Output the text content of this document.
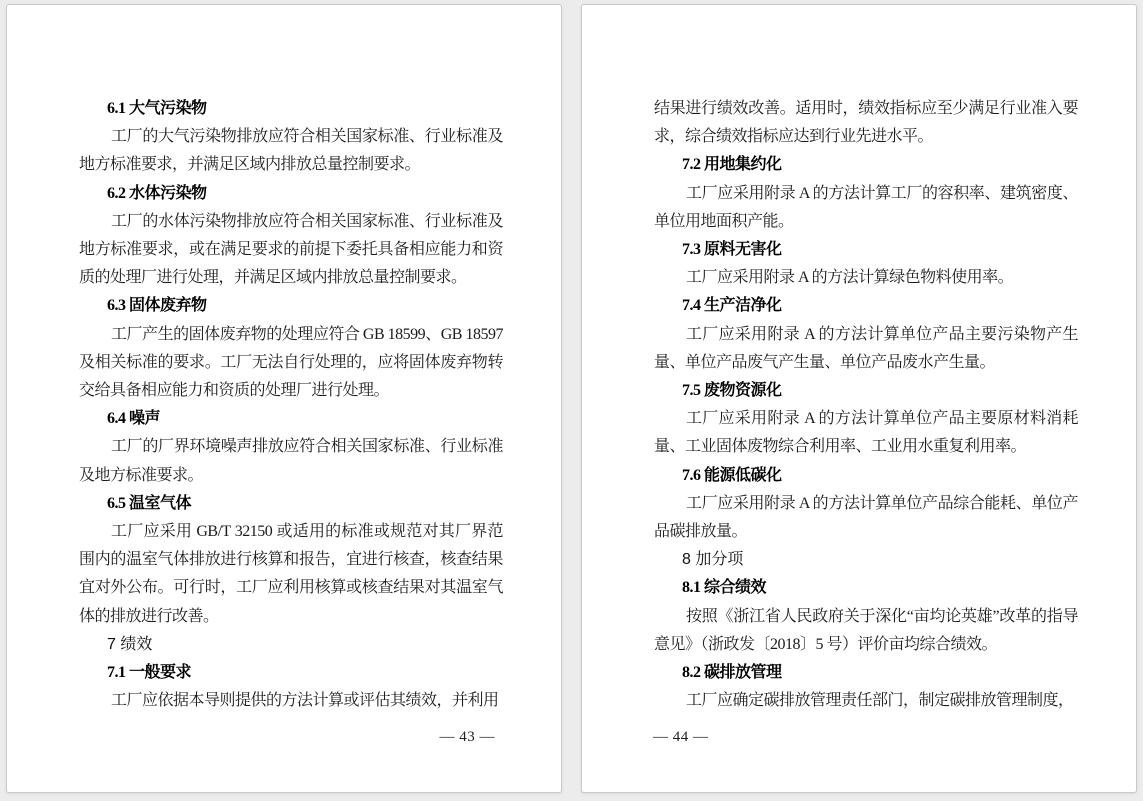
6.1 大气污染物
工厂的大气污染物排放应符合相关国家标准、行业标准及地方标准要求，并满足区域内排放总量控制要求。
6.2 水体污染物
工厂的水体污染物排放应符合相关国家标准、行业标准及地方标准要求，或在满足要求的前提下委托具备相应能力和资质的处理厂进行处理，并满足区域内排放总量控制要求。
6.3 固体废弃物
工厂产生的固体废弃物的处理应符合 GB 18599、GB 18597 及相关标准的要求。工厂无法自行处理的，应将固体废弃物转交给具备相应能力和资质的处理厂进行处理。
6.4 噪声
工厂的厂界环境噪声排放应符合相关国家标准、行业标准及地方标准要求。
6.5 温室气体
工厂应采用 GB/T 32150 或适用的标准或规范对其厂界范围内的温室气体排放进行核算和报告，宜进行核查，核查结果宜对外公布。可行时，工厂应利用核算或核查结果对其温室气体的排放进行改善。
7 绩效
7.1 一般要求
工厂应依据本导则提供的方法计算或评估其绩效，并利用
— 43 —
结果进行绩效改善。适用时，绩效指标应至少满足行业准入要求，综合绩效指标应达到行业先进水平。
7.2 用地集约化
工厂应采用附录 A 的方法计算工厂的容积率、建筑密度、单位用地面积产能。
7.3 原料无害化
工厂应采用附录 A 的方法计算绿色物料使用率。
7.4 生产洁净化
工厂应采用附录 A 的方法计算单位产品主要污染物产生量、单位产品废气产生量、单位产品废水产生量。
7.5 废物资源化
工厂应采用附录 A 的方法计算单位产品主要原材料消耗量、工业固体废物综合利用率、工业用水重复利用率。
7.6 能源低碳化
工厂应采用附录 A 的方法计算单位产品综合能耗、单位产品碳排放量。
8 加分项
8.1 综合绩效
按照《浙江省人民政府关于深化“亩均论英雄”改革的指导意见》（浙政发〔2018〕5 号）评价亩均综合绩效。
8.2 碳排放管理
工厂应确定碳排放管理责任部门，制定碳排放管理制度，
— 44 —
